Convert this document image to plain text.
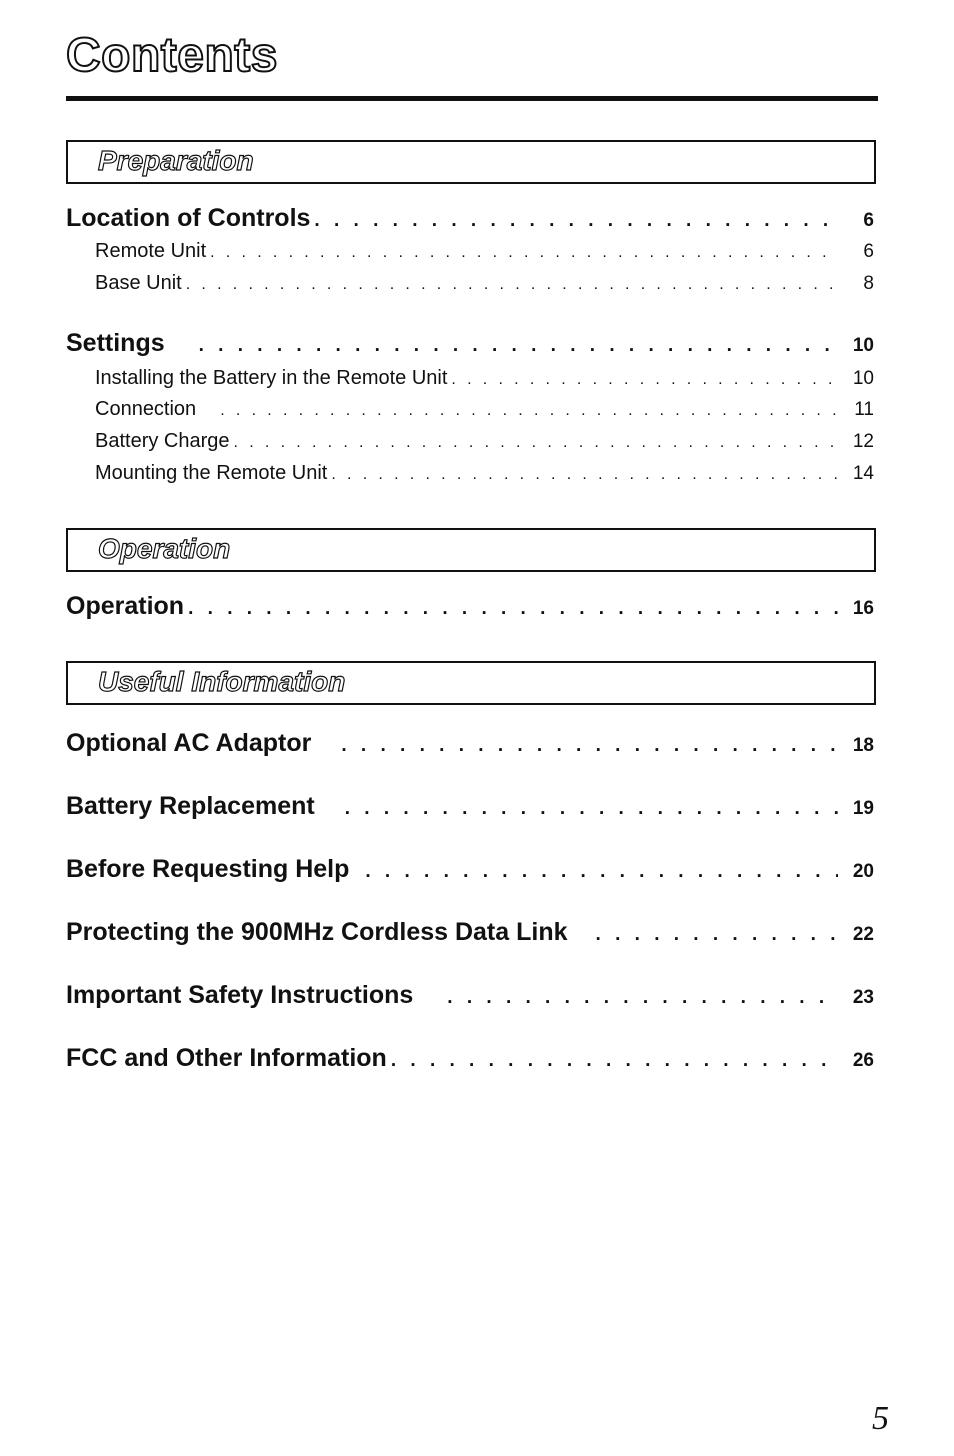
Contents
Preparation
Location of Controls . . .	6
Remote Unit . . .	6
Base Unit . . .	8
Settings . . .	10
Installing the Battery in the Remote Unit . . .	10
Connection . . .	11
Battery Charge . . .	12
Mounting the Remote Unit . . .	14
Operation
Operation . . .	16
Useful Information
Optional AC Adaptor . . .	18
Battery Replacement . . .	19
Before Requesting Help . . .	20
Protecting the 900MHz Cordless Data Link . . .	22
Important Safety Instructions . . .	23
FCC and Other Information . . .	26
5
